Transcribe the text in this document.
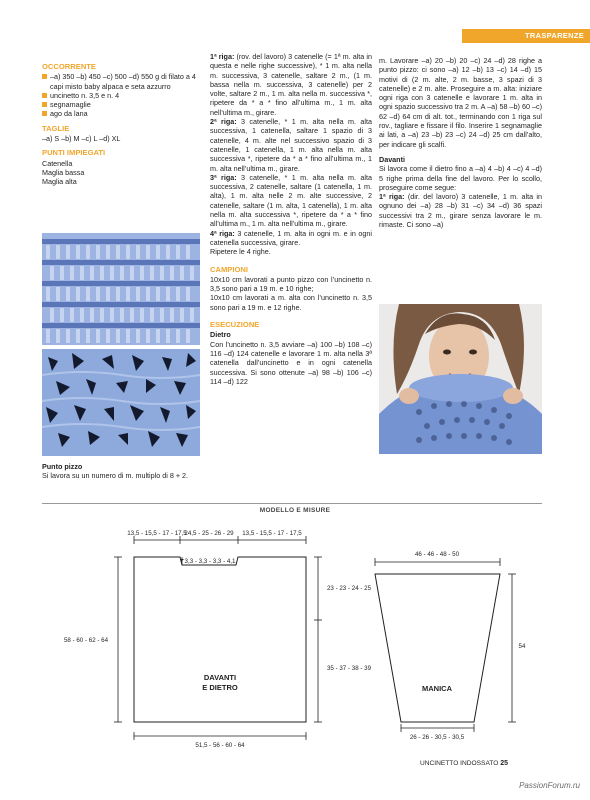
TRASPARENZE
OCCORRENTE

–a) 350 –b) 450 –c) 500 –d) 550 g di filato a 4 capi misto baby alpaca e seta azzurro

uncinetto n. 3,5 e n. 4

segnamaglie

ago da lana

TAGLIE

–a) S –b) M –c) L –d) XL

PUNTI IMPIEGATI

Catenella

Maglia bassa

Maglia alta

Punto pizzo

Si lavora su un numero di m. multiplo di 8 + 2.

1ª riga: (rov. del lavoro) 3 catenelle (= 1ª m. alta in questa e nelle righe successive), * 1 m. alta nella m. successiva, 3 catenelle, saltare 2 m., (1 m. bassa nella m. successiva, 3 catenelle) per 2 volte, saltare 2 m., 1 m. alta nella m. successiva *, ripetere da * a * fino all’ultima m., 1 m. alta nell’ultima m., girare.

2ª riga: 3 catenelle, * 1 m. alta nella m. alta successiva, 1 catenella, saltare 1 spazio di 3 catenelle, 4 m. alte nel successivo spazio di 3 catenelle, 1 catenella, 1 m. alta nella m. alta successiva *, ripetere da * a * fino all’ultima m., 1 m. alta nell’ultima m., girare.

3ª riga: 3 catenelle, * 1 m. alta nella m. alta successiva, 2 catenelle, saltare (1 catenella, 1 m. alta), 1 m. alta nelle 2 m. alte successive, 2 catenelle, saltare (1 m. alta, 1 catenella), 1 m. alta nella m. alta successiva *, ripetere da * a * fino all’ultima m., 1 m. alta nell’ultima m., girare.

4ª riga: 3 catenelle, 1 m. alta in ogni m. e in ogni catenella successiva, girare.

Ripetere le 4 righe.

CAMPIONI

10x10 cm lavorati a punto pizzo con l’uncinetto n. 3,5 sono pari a 19 m. e 10 righe;

10x10 cm lavorati a m. alta con l’uncinetto n. 3,5 sono pari a 19 m. e 12 righe.

ESECUZIONE

Dietro

Con l’uncinetto n. 3,5 avviare –a) 100 –b) 108 –c) 116 –d) 124 catenelle e lavorare 1 m. alta nella 3ª catenella dall’uncinetto e in ogni catenella successiva. Si sono ottenute –a) 98 –b) 106 –c) 114 –d) 122

m. Lavorare –a) 20 –b) 20 –c) 24 –d) 28 righe a punto pizzo: ci sono –a) 12 –b) 13 –c) 14 –d) 15 motivi di (2 m. alte, 2 m. basse, 3 spazi di 3 catenelle) e 2 m. alte. Proseguire a m. alta: iniziare ogni riga con 3 catenelle e lavorare 1 m. alta in ogni spazio successivo tra 2 m. A –a) 58 –b) 60 –c) 62 –d) 64 cm di alt. tot., terminando con 1 riga sul rov., tagliare e fissare il filo. Inserire 1 segnamaglie ai lati, a –a) 23 –b) 23 –c) 24 –d) 25 cm dall’alto, per indicare gli scalfi.

Davanti

Si lavora come il dietro fino a –a) 4 –b) 4 –c) 4 –d) 5 righe prima della fine del lavoro. Per lo scollo, proseguire come segue:

1ª riga: (dir. del lavoro) 3 catenelle, 1 m. alta in ognuno dei –a) 28 –b) 31 –c) 34 –d) 36 spazi successivi tra 2 m., girare senza lavorare le m. rimaste. Ci sono –a)

MODELLO E MISURE
13,5 - 15,5 - 17 - 17,5
24,5 - 25 - 26 - 29 13,5 - 15,5 - 17 - 17,5
3,3 - 3,3 - 3,3 - 4,1
58 - 60 - 62 - 64
23 - 23 - 24 - 25
35 - 37 - 38 - 39
51,5 - 56 - 60 - 64
DAVANTI
E DIETRO
46 - 46 - 48 - 50
54
26 - 26 - 30,5 - 30,5
MANICA
UNCINETTO INDOSSATO 25
PassionForum.ru
